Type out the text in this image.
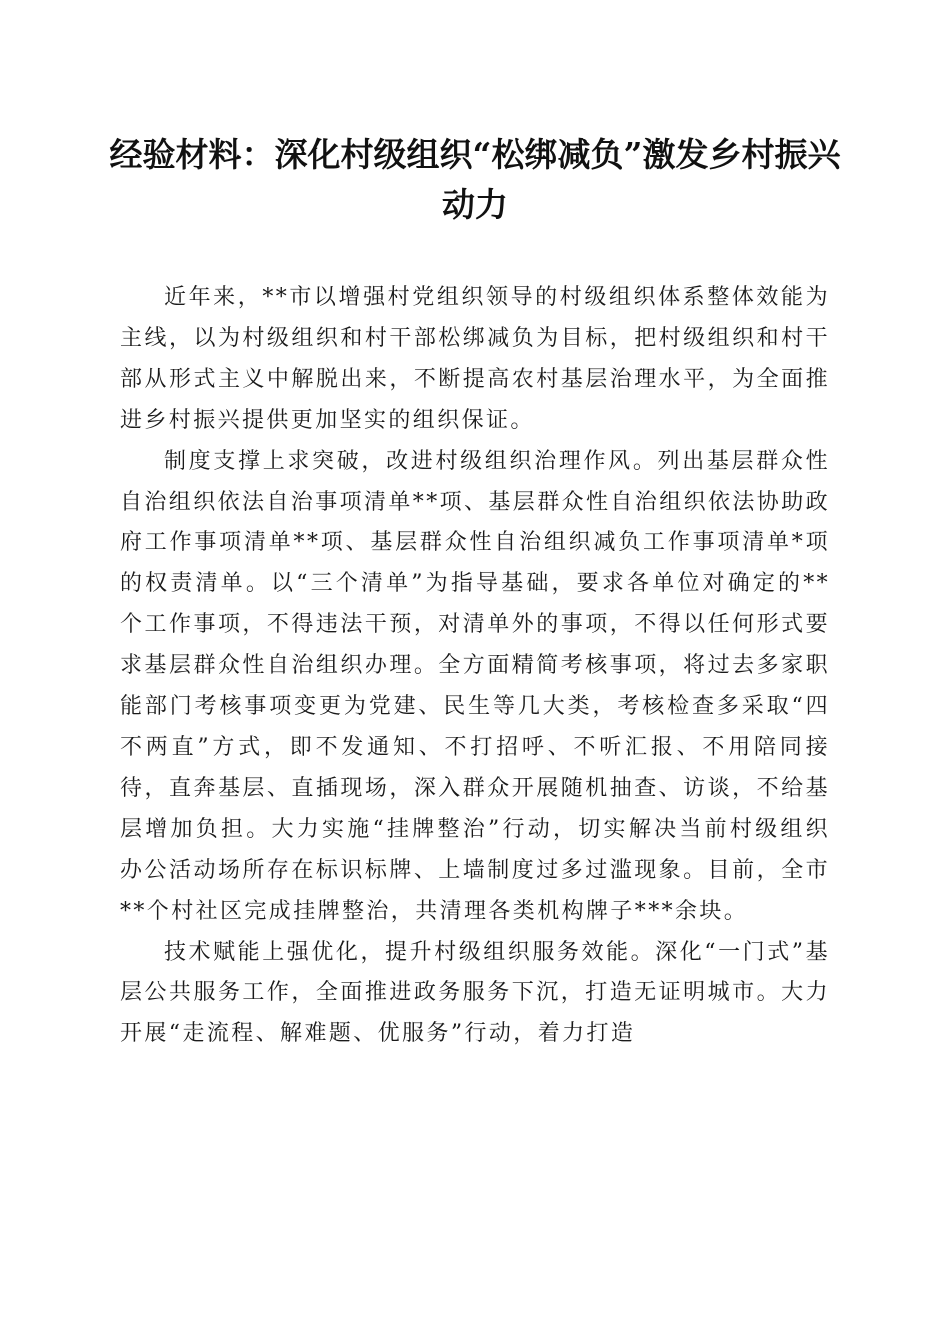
经验材料：深化村级组织“松绑减负”激发乡村振兴动力

近年来，**市以增强村党组织领导的村级组织体系整体效能为主线，以为村级组织和村干部松绑减负为目标，把村级组织和村干部从形式主义中解脱出来，不断提高农村基层治理水平，为全面推进乡村振兴提供更加坚实的组织保证。

制度支撑上求突破，改进村级组织治理作风。列出基层群众性自治组织依法自治事项清单**项、基层群众性自治组织依法协助政府工作事项清单**项、基层群众性自治组织减负工作事项清单*项的权责清单。以“三个清单”为指导基础，要求各单位对确定的**个工作事项，不得违法干预，对清单外的事项，不得以任何形式要求基层群众性自治组织办理。全方面精简考核事项，将过去多家职能部门考核事项变更为党建、民生等几大类，考核检查多采取“四不两直”方式，即不发通知、不打招呼、不听汇报、不用陪同接待，直奔基层、直插现场，深入群众开展随机抽查、访谈，不给基层增加负担。大力实施“挂牌整治”行动，切实解决当前村级组织办公活动场所存在标识标牌、上墙制度过多过滥现象。目前，全市**个村社区完成挂牌整治，共清理各类机构牌子***余块。

技术赋能上强优化，提升村级组织服务效能。深化“一门式”基层公共服务工作，全面推进政务服务下沉，打造无证明城市。大力开展“走流程、解难题、优服务”行动，着力打造
